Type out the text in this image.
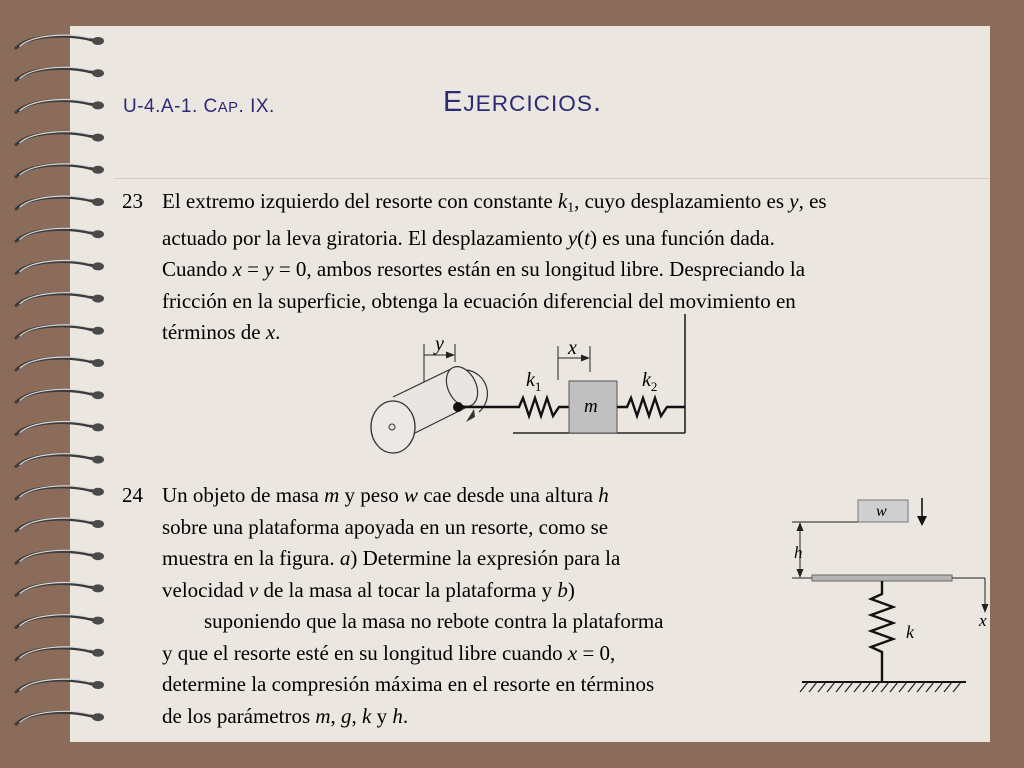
U-4.A-1. CAP. IX.	EJERCICIOS.
23 El extremo izquierdo del resorte con constante $k_1$, cuyo desplazamiento es y, es

actuado por la leva giratoria. El desplazamiento y(t) es una función dada.

Cuando x = y = 0, ambos resortes están en su longitud libre. Despreciando la

fricción en la superficie, obtenga la ecuación diferencial del movimiento en

términos de x.	y	x
$k_1$
m
$k_2$
24 Un objeto de masa m y peso w cae desde una altura h

sobre una plataforma apoyada en un resorte, como se

muestra en la figura. a) Determine la expresión para la

velocidad v de la masa al tocar la plataforma y b)

suponiendo que la masa no rebote contra la plataforma

y que el resorte esté en su longitud libre cuando x = 0,

determine la compresión máxima en el resorte en términos

de los parámetros m, g, k y h.

w
h
x
k
